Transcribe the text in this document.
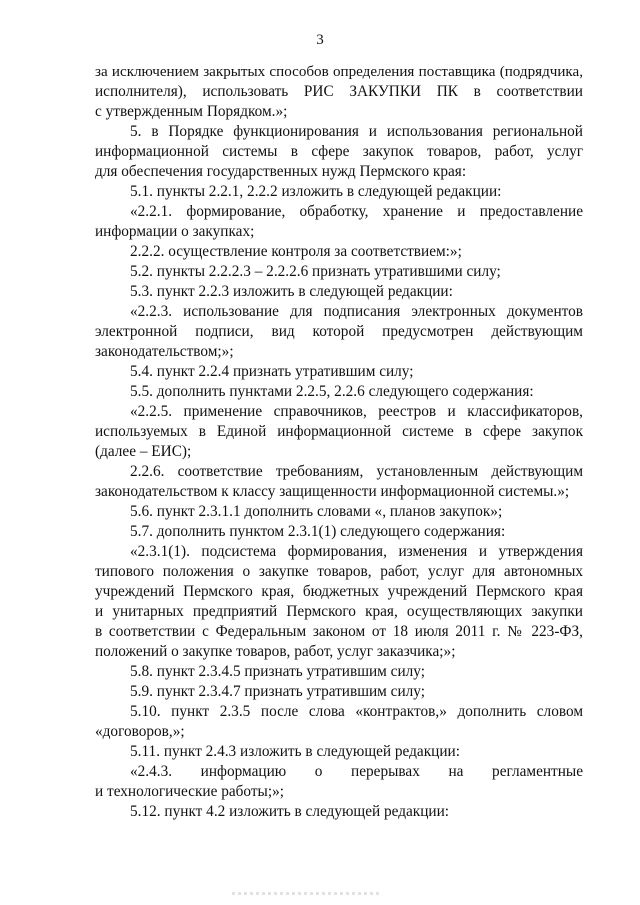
3
за исключением закрытых способов определения поставщика (подрядчика,
исполнителя), использовать РИС ЗАКУПКИ ПК в соответствии
с утвержденным Порядком.»;
5. в Порядке функционирования и использования региональной
информационной системы в сфере закупок товаров, работ, услуг
для обеспечения государственных нужд Пермского края:
5.1. пункты 2.2.1, 2.2.2 изложить в следующей редакции:
«2.2.1. формирование, обработку, хранение и предоставление
информации о закупках;
2.2.2. осуществление контроля за соответствием:»;
5.2. пункты 2.2.2.3 – 2.2.2.6 признать утратившими силу;
5.3. пункт 2.2.3 изложить в следующей редакции:
«2.2.3. использование для подписания электронных документов
электронной подписи, вид которой предусмотрен действующим
законодательством;»;
5.4. пункт 2.2.4 признать утратившим силу;
5.5. дополнить пунктами 2.2.5, 2.2.6 следующего содержания:
«2.2.5. применение справочников, реестров и классификаторов,
используемых в Единой информационной системе в сфере закупок
(далее – ЕИС);
2.2.6. соответствие требованиям, установленным действующим
законодательством к классу защищенности информационной системы.»;
5.6. пункт 2.3.1.1 дополнить словами «, планов закупок»;
5.7. дополнить пунктом 2.3.1(1) следующего содержания:
«2.3.1(1). подсистема формирования, изменения и утверждения
типового положения о закупке товаров, работ, услуг для автономных
учреждений Пермского края, бюджетных учреждений Пермского края
и унитарных предприятий Пермского края, осуществляющих закупки
в соответствии с Федеральным законом от 18 июля 2011 г. № 223-ФЗ,
положений о закупке товаров, работ, услуг заказчика;»;
5.8. пункт 2.3.4.5 признать утратившим силу;
5.9. пункт 2.3.4.7 признать утратившим силу;
5.10. пункт 2.3.5 после слова «контрактов,» дополнить словом
«договоров,»;
5.11. пункт 2.4.3 изложить в следующей редакции:
«2.4.3. информацию о перерывах на регламентные
и технологические работы;»;
5.12. пункт 4.2 изложить в следующей редакции:
